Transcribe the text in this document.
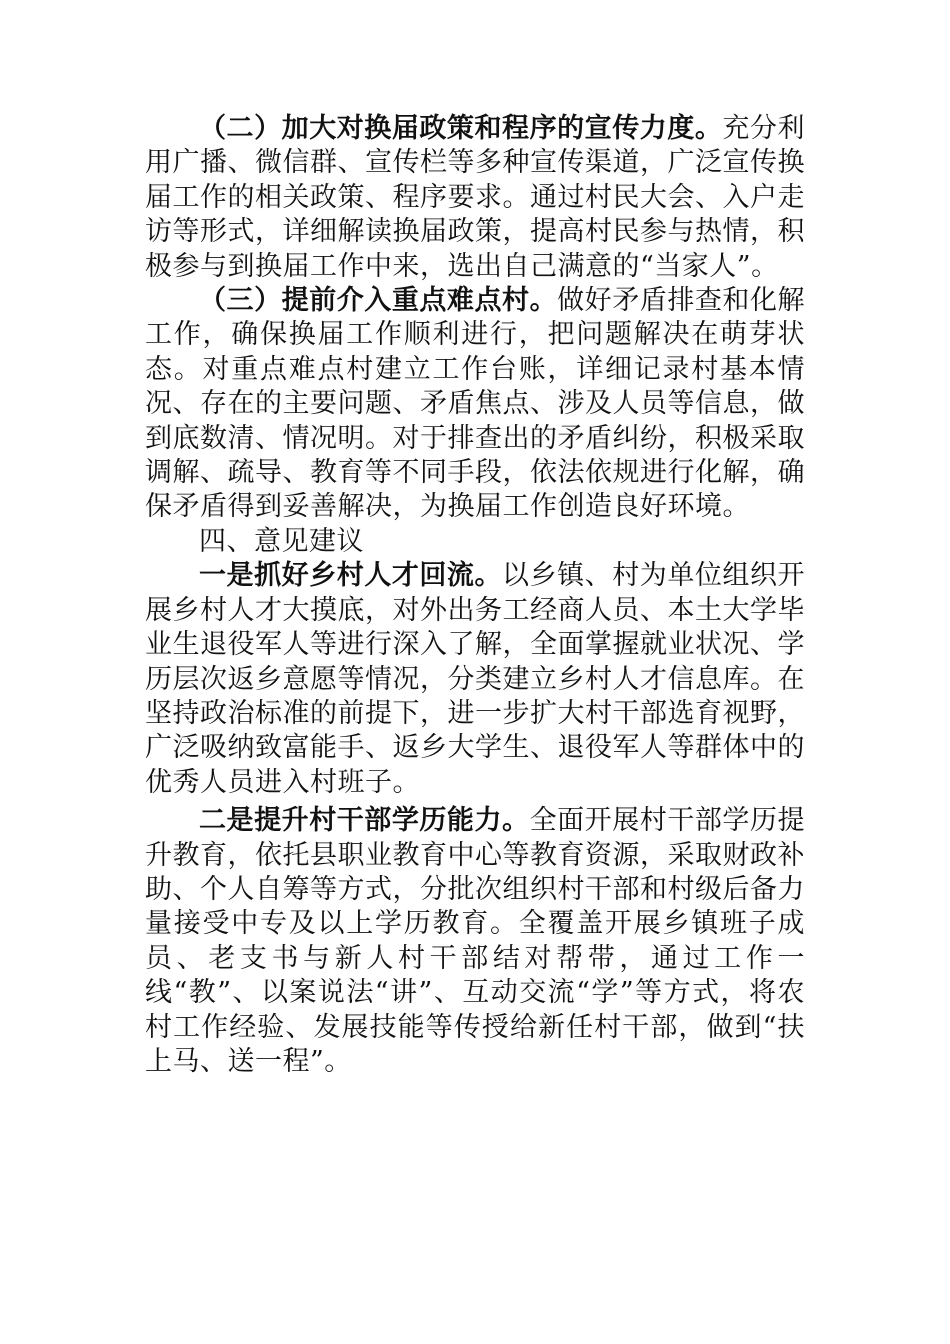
（二）加大对换届政策和程序的宣传力度。充分利用广播、微信群、宣传栏等多种宣传渠道，广泛宣传换届工作的相关政策、程序要求。通过村民大会、入户走访等形式，详细解读换届政策，提高村民参与热情，积极参与到换届工作中来，选出自己满意的“当家人”。

（三）提前介入重点难点村。做好矛盾排查和化解工作，确保换届工作顺利进行，把问题解决在萌芽状态。对重点难点村建立工作台账，详细记录村基本情况、存在的主要问题、矛盾焦点、涉及人员等信息，做到底数清、情况明。对于排查出的矛盾纠纷，积极采取调解、疏导、教育等不同手段，依法依规进行化解，确保矛盾得到妥善解决，为换届工作创造良好环境。

四、意见建议

一是抓好乡村人才回流。以乡镇、村为单位组织开展乡村人才大摸底，对外出务工经商人员、本土大学毕业生退役军人等进行深入了解，全面掌握就业状况、学历层次返乡意愿等情况，分类建立乡村人才信息库。在坚持政治标准的前提下，进一步扩大村干部选育视野，广泛吸纳致富能手、返乡大学生、退役军人等群体中的优秀人员进入村班子。

二是提升村干部学历能力。全面开展村干部学历提升教育，依托县职业教育中心等教育资源，采取财政补助、个人自筹等方式，分批次组织村干部和村级后备力量接受中专及以上学历教育。全覆盖开展乡镇班子成员、老支书与新人村干部结对帮带，通过工作一线“教”、以案说法“讲”、互动交流“学”等方式，将农村工作经验、发展技能等传授给新任村干部，做到“扶上马、送一程”。
